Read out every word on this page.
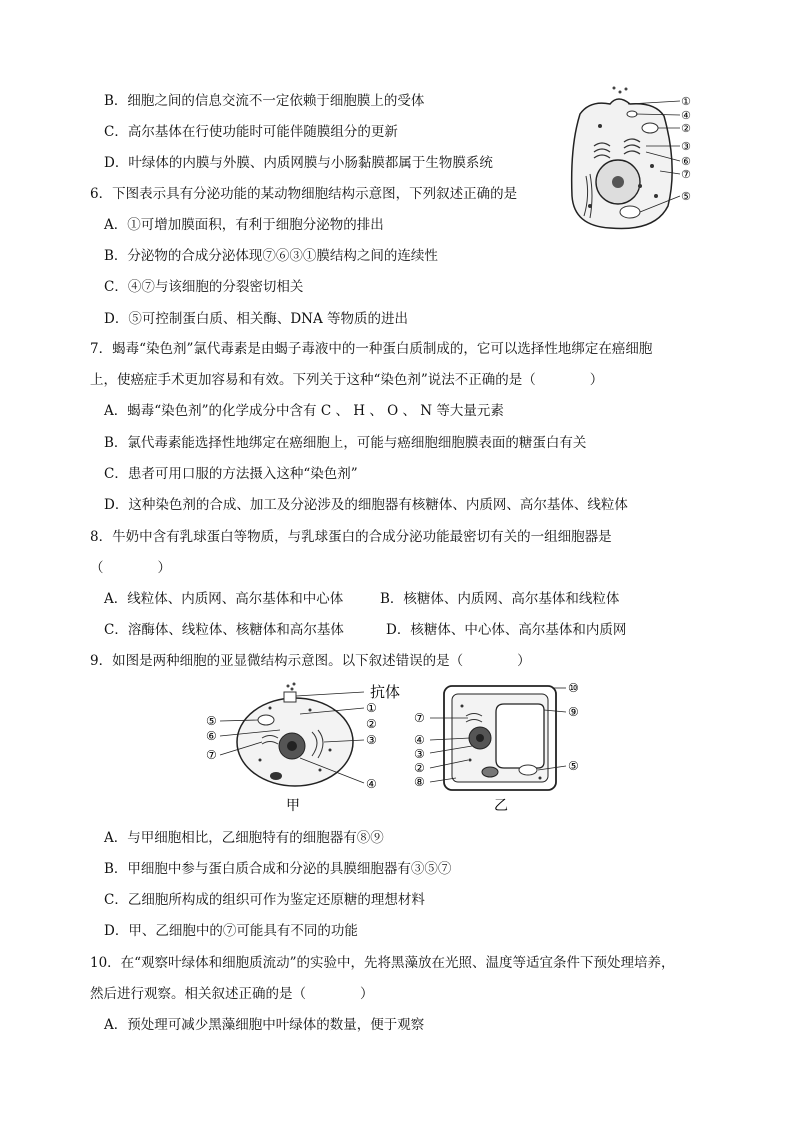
B．细胞之间的信息交流不一定依赖于细胞膜上的受体
C．高尔基体在行使功能时可能伴随膜组分的更新
D．叶绿体的内膜与外膜、内质网膜与小肠黏膜都属于生物膜系统
6．下图表示具有分泌功能的某动物细胞结构示意图，下列叙述正确的是
A．①可增加膜面积，有利于细胞分泌物的排出
B．分泌物的合成分泌体现⑦⑥③①膜结构之间的连续性
C．④⑦与该细胞的分裂密切相关
D．⑤可控制蛋白质、相关酶、DNA 等物质的进出
①
④
②
③
⑥
⑦
⑤
7．蝎毒“染色剂”氯代毒素是由蝎子毒液中的一种蛋白质制成的，它可以选择性地绑定在癌细胞
上，使癌症手术更加容易和有效。下列关于这种“染色剂”说法不正确的是（　　　　）
A．蝎毒“染色剂”的化学成分中含有 C 、 H 、 O 、 N 等大量元素
B．氯代毒素能选择性地绑定在癌细胞上，可能与癌细胞细胞膜表面的糖蛋白有关
C．患者可用口服的方法摄入这种“染色剂”
D．这种染色剂的合成、加工及分泌涉及的细胞器有核糖体、内质网、高尔基体、线粒体
8．牛奶中含有乳球蛋白等物质，与乳球蛋白的合成分泌功能最密切有关的一组细胞器是
（　　　　）
A．线粒体、内质网、高尔基体和中心体	B．核糖体、内质网、高尔基体和线粒体
C．溶酶体、线粒体、核糖体和高尔基体	D．核糖体、中心体、高尔基体和内质网
9．如图是两种细胞的亚显微结构示意图。以下叙述错误的是（　　　　）
抗体
①
②
③
④
⑤
⑥
⑦
甲
⑩
⑨
⑤
⑦
④
③
②
⑧
乙
A．与甲细胞相比，乙细胞特有的细胞器有⑧⑨
B．甲细胞中参与蛋白质合成和分泌的具膜细胞器有③⑤⑦
C．乙细胞所构成的组织可作为鉴定还原糖的理想材料
D．甲、乙细胞中的⑦可能具有不同的功能
10．在“观察叶绿体和细胞质流动”的实验中，先将黑藻放在光照、温度等适宜条件下预处理培养，
然后进行观察。相关叙述正确的是（　　　　）
A．预处理可减少黑藻细胞中叶绿体的数量，便于观察
